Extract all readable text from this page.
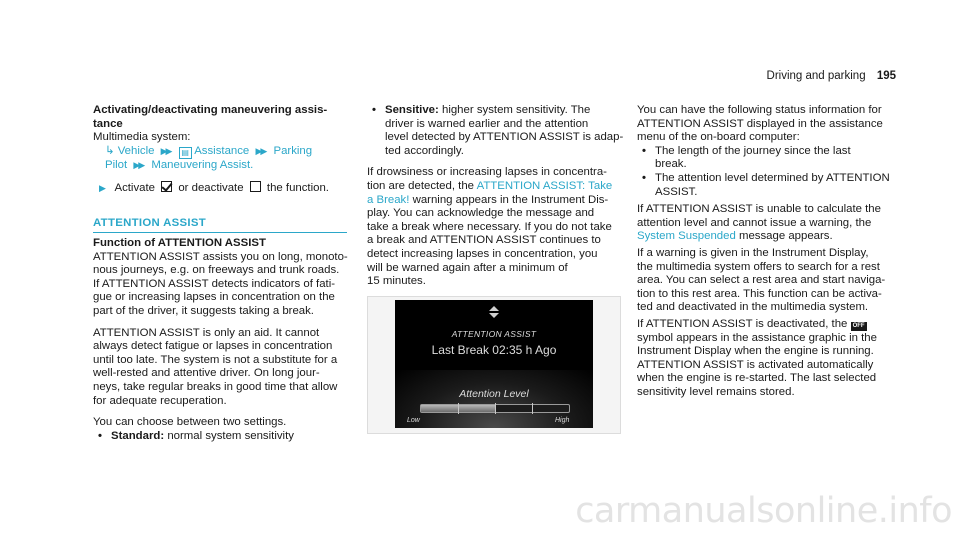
Driving and parking 195
Activating/deactivating maneuvering assis-
tance
Multimedia system:
↳ Vehicle ▶▶ ▤ Assistance ▶▶ Parking
Pilot ▶▶ Maneuvering Assist.
▶ Activate or deactivate the function.
ATTENTION ASSIST
Function of ATTENTION ASSIST
ATTENTION ASSIST assists you on long, monoto-
nous journeys, e.g. on freeways and trunk roads.
If ATTENTION ASSIST detects indicators of fati-
gue or increasing lapses in concentration on the
part of the driver, it suggests taking a break.
ATTENTION ASSIST is only an aid. It cannot
always detect fatigue or lapses in concentration
until too late. The system is not a substitute for a
well-rested and attentive driver. On long jour-
neys, take regular breaks in good time that allow
for adequate recuperation.
You can choose between two settings.
• Standard: normal system sensitivity
• Sensitive: higher system sensitivity. The
driver is warned earlier and the attention
level detected by ATTENTION ASSIST is adap-
ted accordingly.
If drowsiness or increasing lapses in concentra-
tion are detected, the ATTENTION ASSIST: Take
a Break! warning appears in the Instrument Dis-
play. You can acknowledge the message and
take a break where necessary. If you do not take
a break and ATTENTION ASSIST continues to
detect increasing lapses in concentration, you
will be warned again after a minimum of
15 minutes.
ATTENTION ASSIST
Last Break 02:35 h Ago
Attention Level
Low	High
You can have the following status information for
ATTENTION ASSIST displayed in the assistance
menu of the on-board computer:
• The length of the journey since the last
break.
• The attention level determined by ATTENTION
ASSIST.
If ATTENTION ASSIST is unable to calculate the
attention level and cannot issue a warning, the
System Suspended message appears.
If a warning is given in the Instrument Display,
the multimedia system offers to search for a rest
area. You can select a rest area and start naviga-
tion to this rest area. This function can be activa-
ted and deactivated in the multimedia system.
If ATTENTION ASSIST is deactivated, the OFF
symbol appears in the assistance graphic in the
Instrument Display when the engine is running.
ATTENTION ASSIST is activated automatically
when the engine is re-started. The last selected
sensitivity level remains stored.
carmanualsonline.info
